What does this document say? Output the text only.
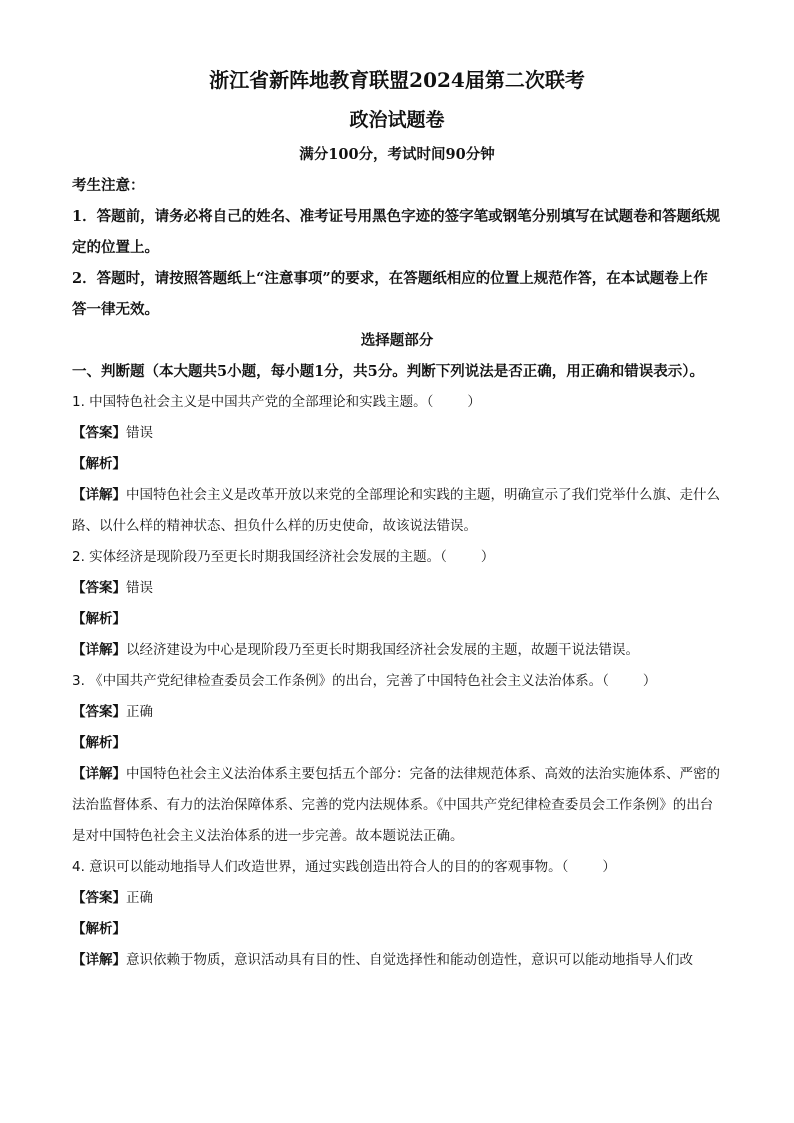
浙江省新阵地教育联盟2024届第二次联考

政治试题卷

满分100分，考试时间90分钟

考生注意：

1．答题前，请务必将自己的姓名、准考证号用黑色字迹的签字笔或钢笔分别填写在试题卷和答题纸规定的位置上。

2．答题时，请按照答题纸上“注意事项”的要求，在答题纸相应的位置上规范作答，在本试题卷上作答一律无效。

选择题部分

一、判断题（本大题共5小题，每小题1分，共5分。判断下列说法是否正确，用正确和错误表示）。

1. 中国特色社会主义是中国共产党的全部理论和实践主题。（	）

【答案】错误

【解析】

【详解】中国特色社会主义是改革开放以来党的全部理论和实践的主题，明确宣示了我们党举什么旗、走什么路、以什么样的精神状态、担负什么样的历史使命，故该说法错误。

2. 实体经济是现阶段乃至更长时期我国经济社会发展的主题。（	）

【答案】错误

【解析】

【详解】以经济建设为中心是现阶段乃至更长时期我国经济社会发展的主题，故题干说法错误。

3. 《中国共产党纪律检查委员会工作条例》的出台，完善了中国特色社会主义法治体系。（	）

【答案】正确

【解析】

【详解】中国特色社会主义法治体系主要包括五个部分：完备的法律规范体系、高效的法治实施体系、严密的法治监督体系、有力的法治保障体系、完善的党内法规体系。《中国共产党纪律检查委员会工作条例》的出台是对中国特色社会主义法治体系的进一步完善。故本题说法正确。

4. 意识可以能动地指导人们改造世界，通过实践创造出符合人的目的的客观事物。（	）

【答案】正确

【解析】

【详解】意识依赖于物质，意识活动具有目的性、自觉选择性和能动创造性，意识可以能动地指导人们改
